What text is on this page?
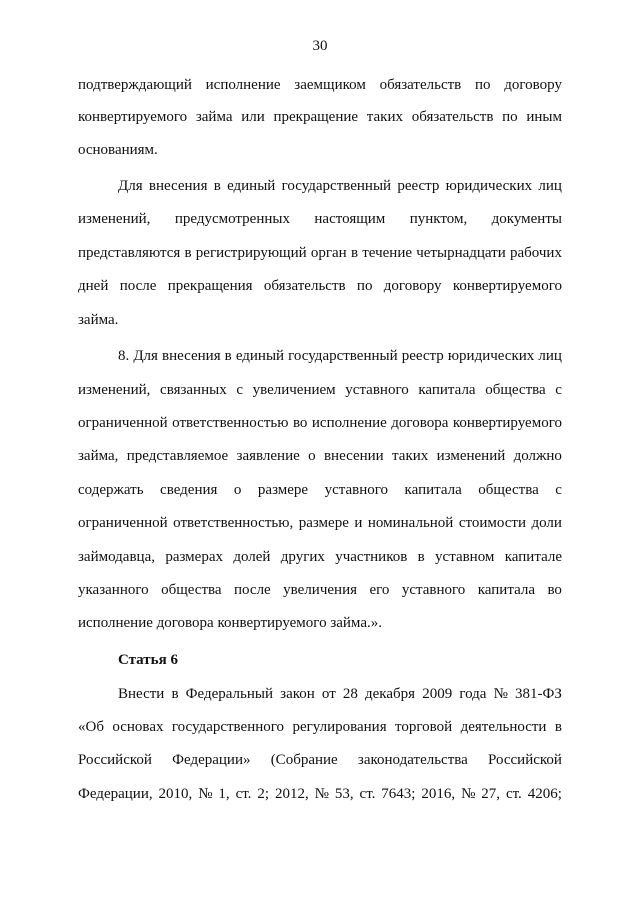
30
подтверждающий исполнение заемщиком обязательств по договору
конвертируемого займа или прекращение таких обязательств по иным
основаниям.
Для внесения в единый государственный реестр юридических лиц
изменений, предусмотренных настоящим пунктом, документы
представляются в регистрирующий орган в течение четырнадцати рабочих
дней после прекращения обязательств по договору конвертируемого
займа.
8. Для внесения в единый государственный реестр юридических лиц
изменений, связанных с увеличением уставного капитала общества с
ограниченной ответственностью во исполнение договора конвертируемого
займа, представляемое заявление о внесении таких изменений должно
содержать сведения о размере уставного капитала общества с
ограниченной ответственностью, размере и номинальной стоимости доли
займодавца, размерах долей других участников в уставном капитале
указанного общества после увеличения его уставного капитала во
исполнение договора конвертируемого займа.».
Статья 6
Внести в Федеральный закон от 28 декабря 2009 года № 381-ФЗ
«Об основах государственного регулирования торговой деятельности в
Российской Федерации» (Собрание законодательства Российской
Федерации, 2010, № 1, ст. 2; 2012, № 53, ст. 7643; 2016, № 27, ст. 4206;
